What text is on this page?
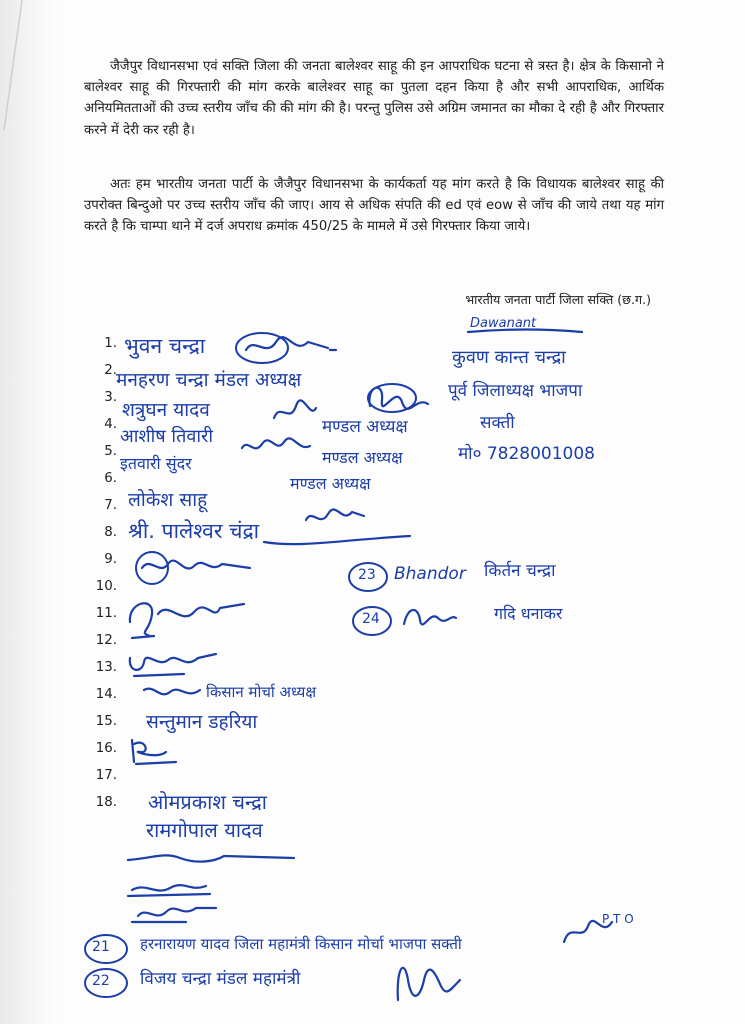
जैजैपुर विधानसभा एवं सक्ति जिला की जनता बालेश्वर साहू की इन आपराधिक घटना से त्रस्त है। क्षेत्र के किसानो ने बालेश्वर साहू की गिरफ्तारी की मांग करके बालेश्वर साहू का पुतला दहन किया है और सभी आपराधिक, आर्थिक अनियमितताओं की उच्च स्तरीय जाँच की की मांग की है। परन्तु पुलिस उसे अग्रिम जमानत का मौका दे रही है और गिरफ्तार करने में देरी कर रही है।

अतः हम भारतीय जनता पार्टी के जैजैपुर विधानसभा के कार्यकर्ता यह मांग करते है कि विधायक बालेश्वर साहू की उपरोक्त बिन्दुओ पर उच्च स्तरीय जाँच की जाए। आय से अधिक संपति की ed एवं eow से जाँच की जाये तथा यह मांग करते है कि चाम्पा थाने में दर्ज अपराध क्रमांक 450/25 के मामले में उसे गिरफ्तार किया जाये।

भारतीय जनता पार्टी जिला सक्ति (छ.ग.)
1.
2.
3.
4.
5.
6.
7.
8.
9.
10.
11.
12.
13.
14.
15.
16.
17.
18.
Dawanant
कुवण कान्त चन्द्रा
पूर्व जिलाध्यक्ष भाजपा
सक्ती
मो० 7828001008
भुवन चन्द्रा
मनहरण चन्द्रा मंडल अध्यक्ष
शत्रुघन यादव
मण्डल अध्यक्ष
आशीष तिवारी
मण्डल अध्यक्ष
इतवारी सुंदर
मण्डल अध्यक्ष
लोकेश साहू
श्री. पालेश्वर चंद्रा
23 Bhandor किर्तन चन्द्रा
24	गदि धनाकर
किसान मोर्चा अध्यक्ष
सन्तुमान डहरिया
ओमप्रकाश चन्द्रा
रामगोपाल यादव
21 हरनारायण यादव जिला महामंत्री किसान मोर्चा भाजपा सक्ती
P T O
22 विजय चन्द्रा मंडल महामंत्री
